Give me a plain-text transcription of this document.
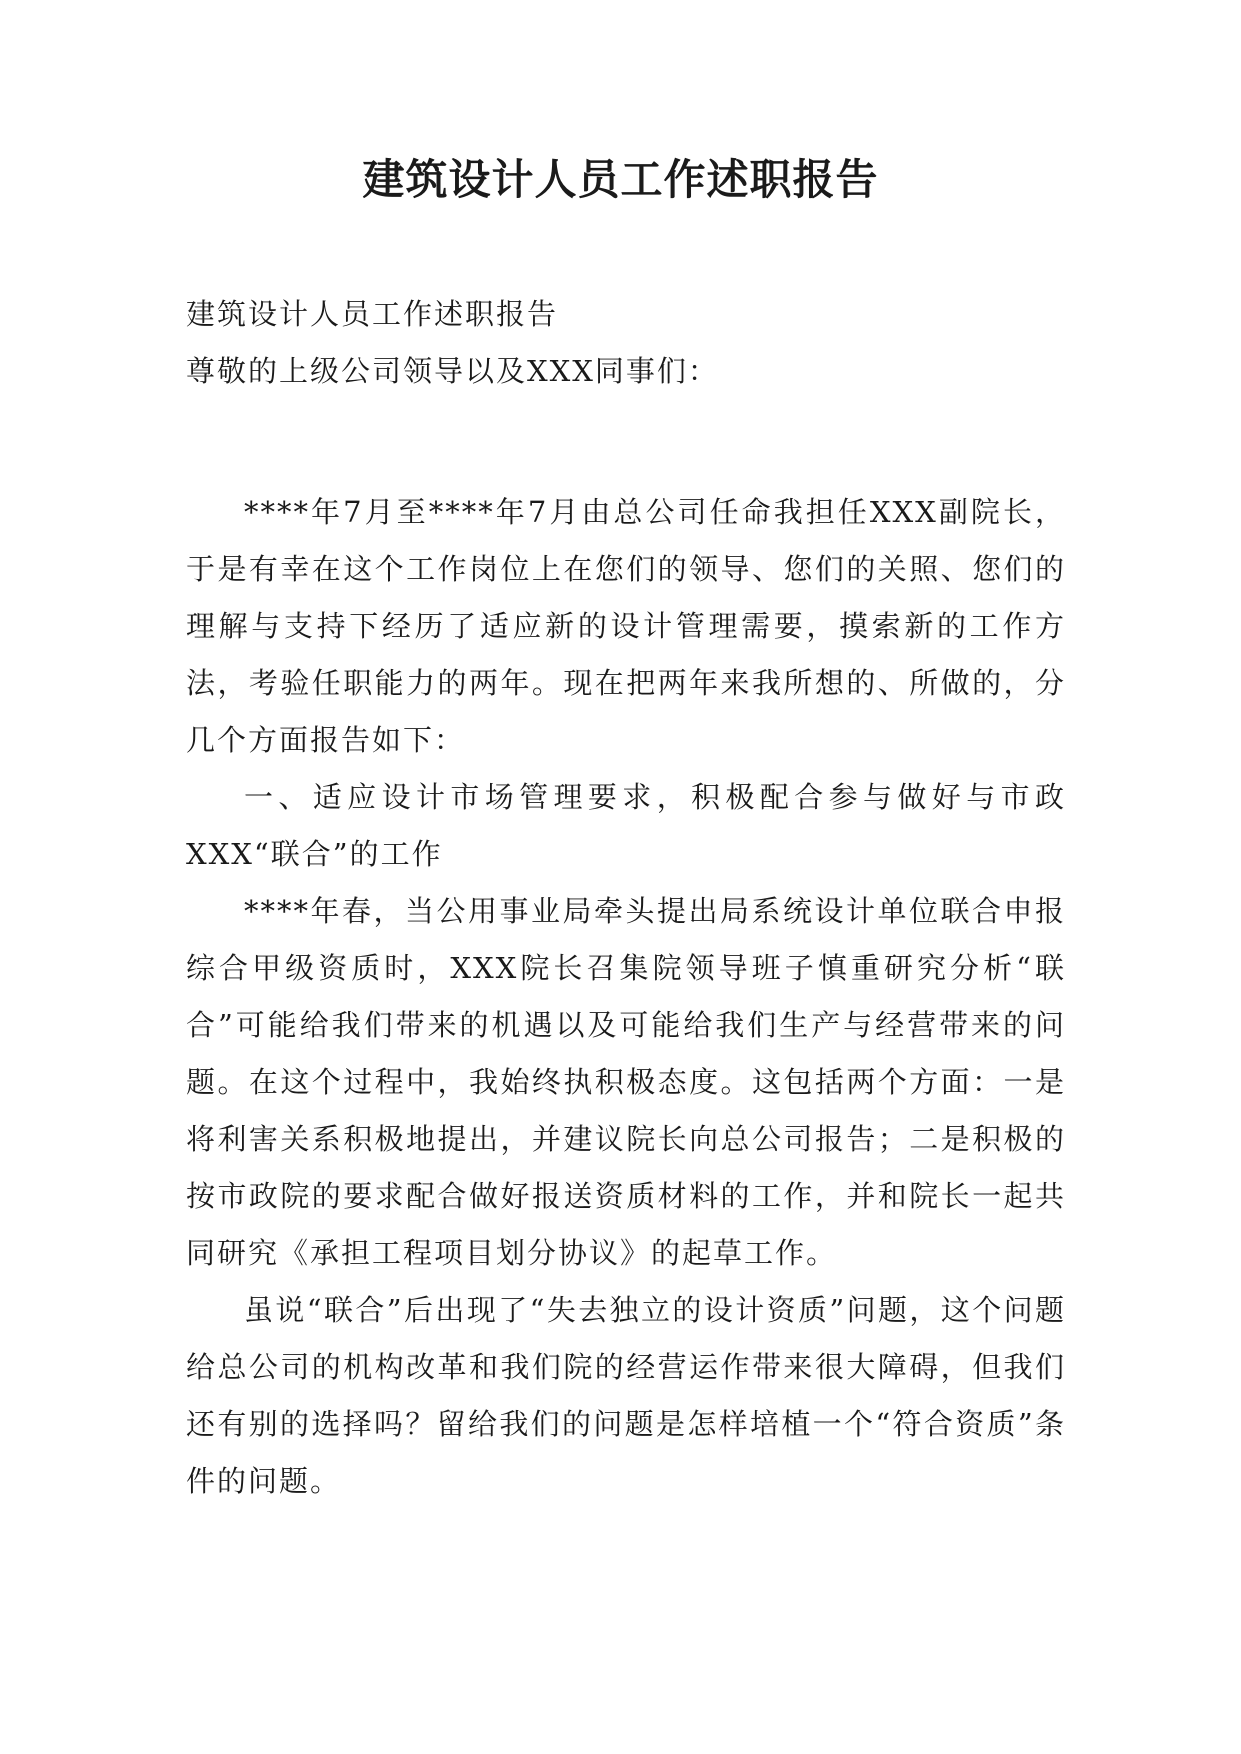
建筑设计人员工作述职报告

建筑设计人员工作述职报告

尊敬的上级公司领导以及XXX同事们：

****年7月至****年7月由总公司任命我担任XXX副院长，于是有幸在这个工作岗位上在您们的领导、您们的关照、您们的理解与支持下经历了适应新的设计管理需要，摸索新的工作方法，考验任职能力的两年。现在把两年来我所想的、所做的，分几个方面报告如下：

一、适应设计市场管理要求，积极配合参与做好与市政XXX“联合”的工作

****年春，当公用事业局牵头提出局系统设计单位联合申报综合甲级资质时，XXX院长召集院领导班子慎重研究分析“联合”可能给我们带来的机遇以及可能给我们生产与经营带来的问题。在这个过程中，我始终执积极态度。这包括两个方面：一是将利害关系积极地提出，并建议院长向总公司报告；二是积极的按市政院的要求配合做好报送资质材料的工作，并和院长一起共同研究《承担工程项目划分协议》的起草工作。

虽说“联合”后出现了“失去独立的设计资质”问题，这个问题给总公司的机构改革和我们院的经营运作带来很大障碍，但我们还有别的选择吗？留给我们的问题是怎样培植一个“符合资质”条件的问题。
